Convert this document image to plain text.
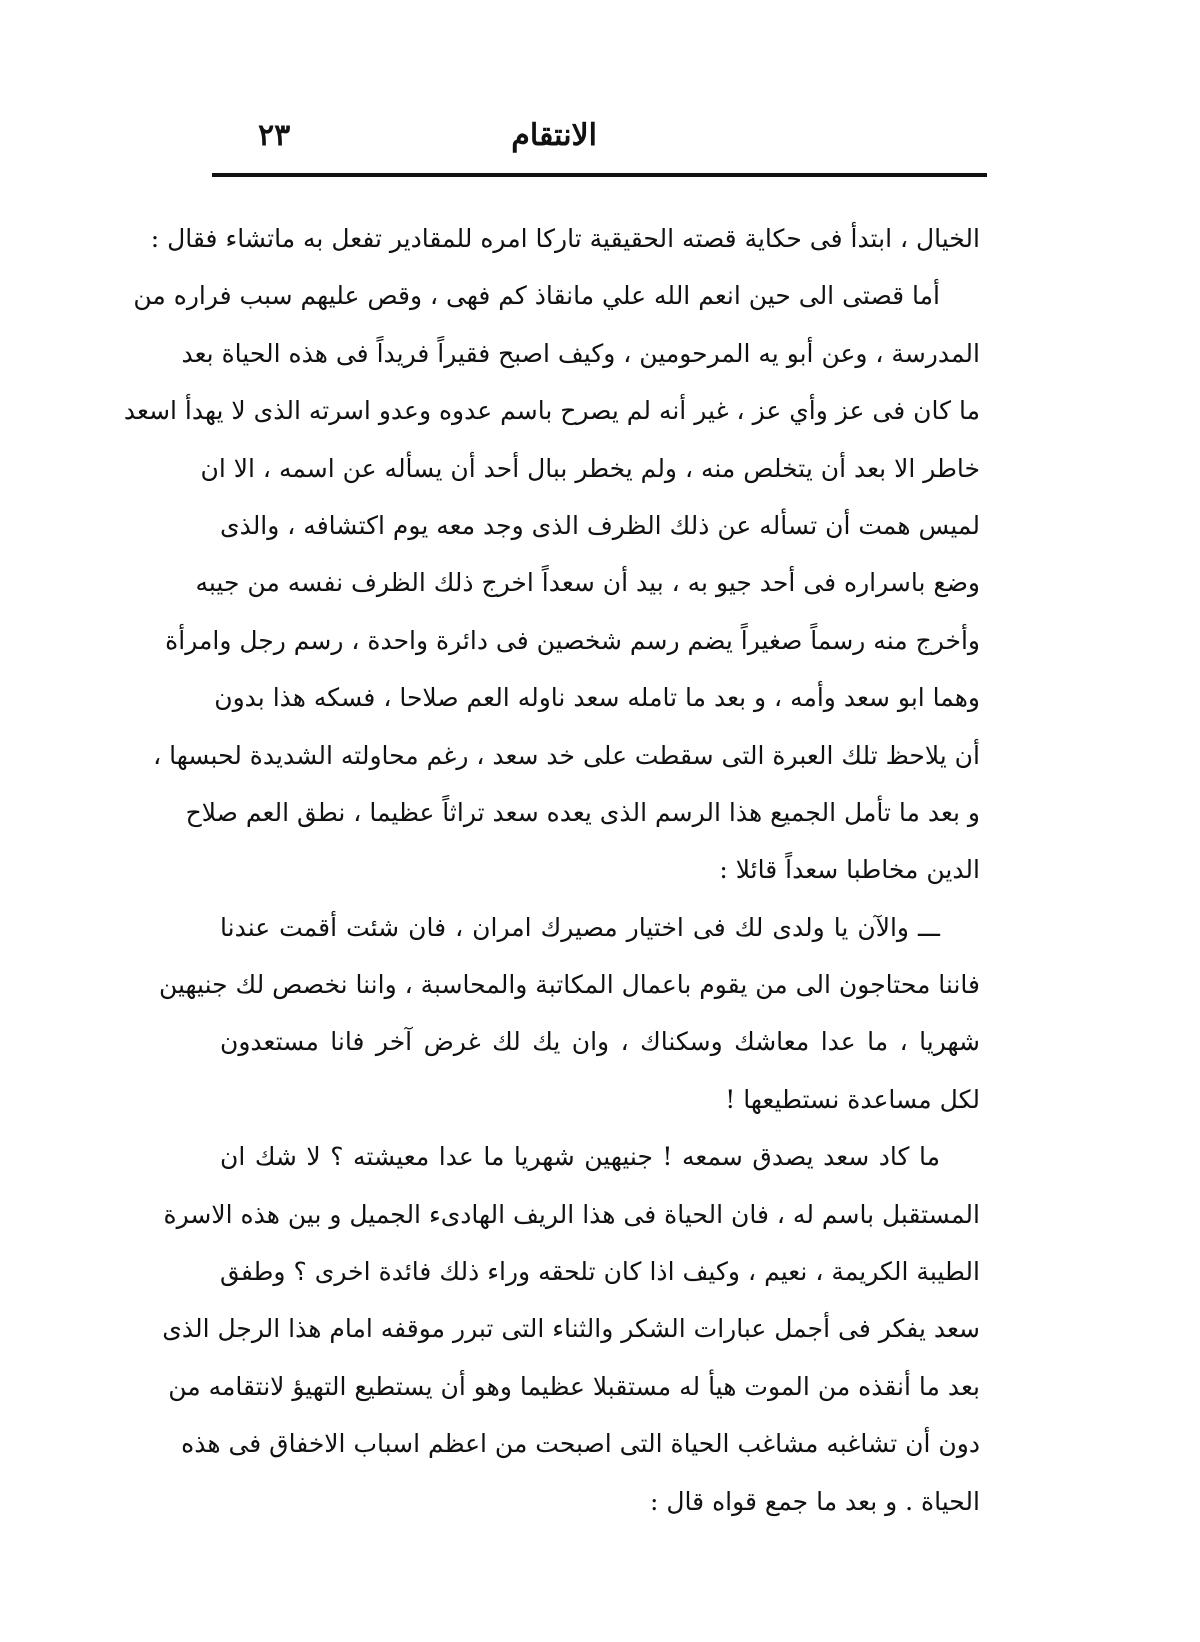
الانتقام
٢٣
الخيال ، ابتدأ فى حكاية قصته الحقيقية تاركا امره للمقادير تفعل به ماتشاء فقال :
أما قصتى الى حين انعم الله علي مانقاذ كم فهى ، وقص عليهم سبب فراره من
المدرسة ، وعن أبو يه المرحومين ، وكيف اصبح فقيراً فريداً فى هذه الحياة بعد
ما كان فى عز وأي عز ، غير أنه لم يصرح باسم عدوه وعدو اسرته الذى لا يهدأ اسعد
خاطر الا بعد أن يتخلص منه ، ولم يخطر ببال أحد أن يسأله عن اسمه ، الا ان
لميس همت أن تسأله عن ذلك الظرف الذى وجد معه يوم اكتشافه ، والذى
وضع باسراره فى أحد جيو به ، بيد أن سعداً اخرج ذلك الظرف نفسه من جيبه
وأخرج منه رسماً صغيراً يضم رسم شخصين فى دائرة واحدة ، رسم رجل وامرأة
وهما ابو سعد وأمه ، و بعد ما تامله سعد ناوله العم صلاحا ، فسكه هذا بدون
أن يلاحظ تلك العبرة التى سقطت على خد سعد ، رغم محاولته الشديدة لحبسها ،
و بعد ما تأمل الجميع هذا الرسم الذى يعده سعد تراثاً عظيما ، نطق العم صلاح
الدين مخاطبا سعداً قائلا :
ـــ والآن يا ولدى لك فى اختيار مصيرك امران ، فان شئت أقمت عندنا
فاننا محتاجون الى من يقوم باعمال المكاتبة والمحاسبة ، واننا نخصص لك جنيهين
شهريا ، ما عدا معاشك وسكناك ، وان يك لك غرض آخر فانا مستعدون
لكل مساعدة نستطيعها !
ما كاد سعد يصدق سمعه ! جنيهين شهريا ما عدا معيشته ؟ لا شك ان
المستقبل باسم له ، فان الحياة فى هذا الريف الهادىء الجميل و بين هذه الاسرة
الطيبة الكريمة ، نعيم ، وكيف اذا كان تلحقه وراء ذلك فائدة اخرى ؟ وطفق
سعد يفكر فى أجمل عبارات الشكر والثناء التى تبرر موقفه امام هذا الرجل الذى
بعد ما أنقذه من الموت هيأ له مستقبلا عظيما وهو أن يستطيع التهيؤ لانتقامه من
دون أن تشاغبه مشاغب الحياة التى اصبحت من اعظم اسباب الاخفاق فى هذه
الحياة . و بعد ما جمع قواه قال :
